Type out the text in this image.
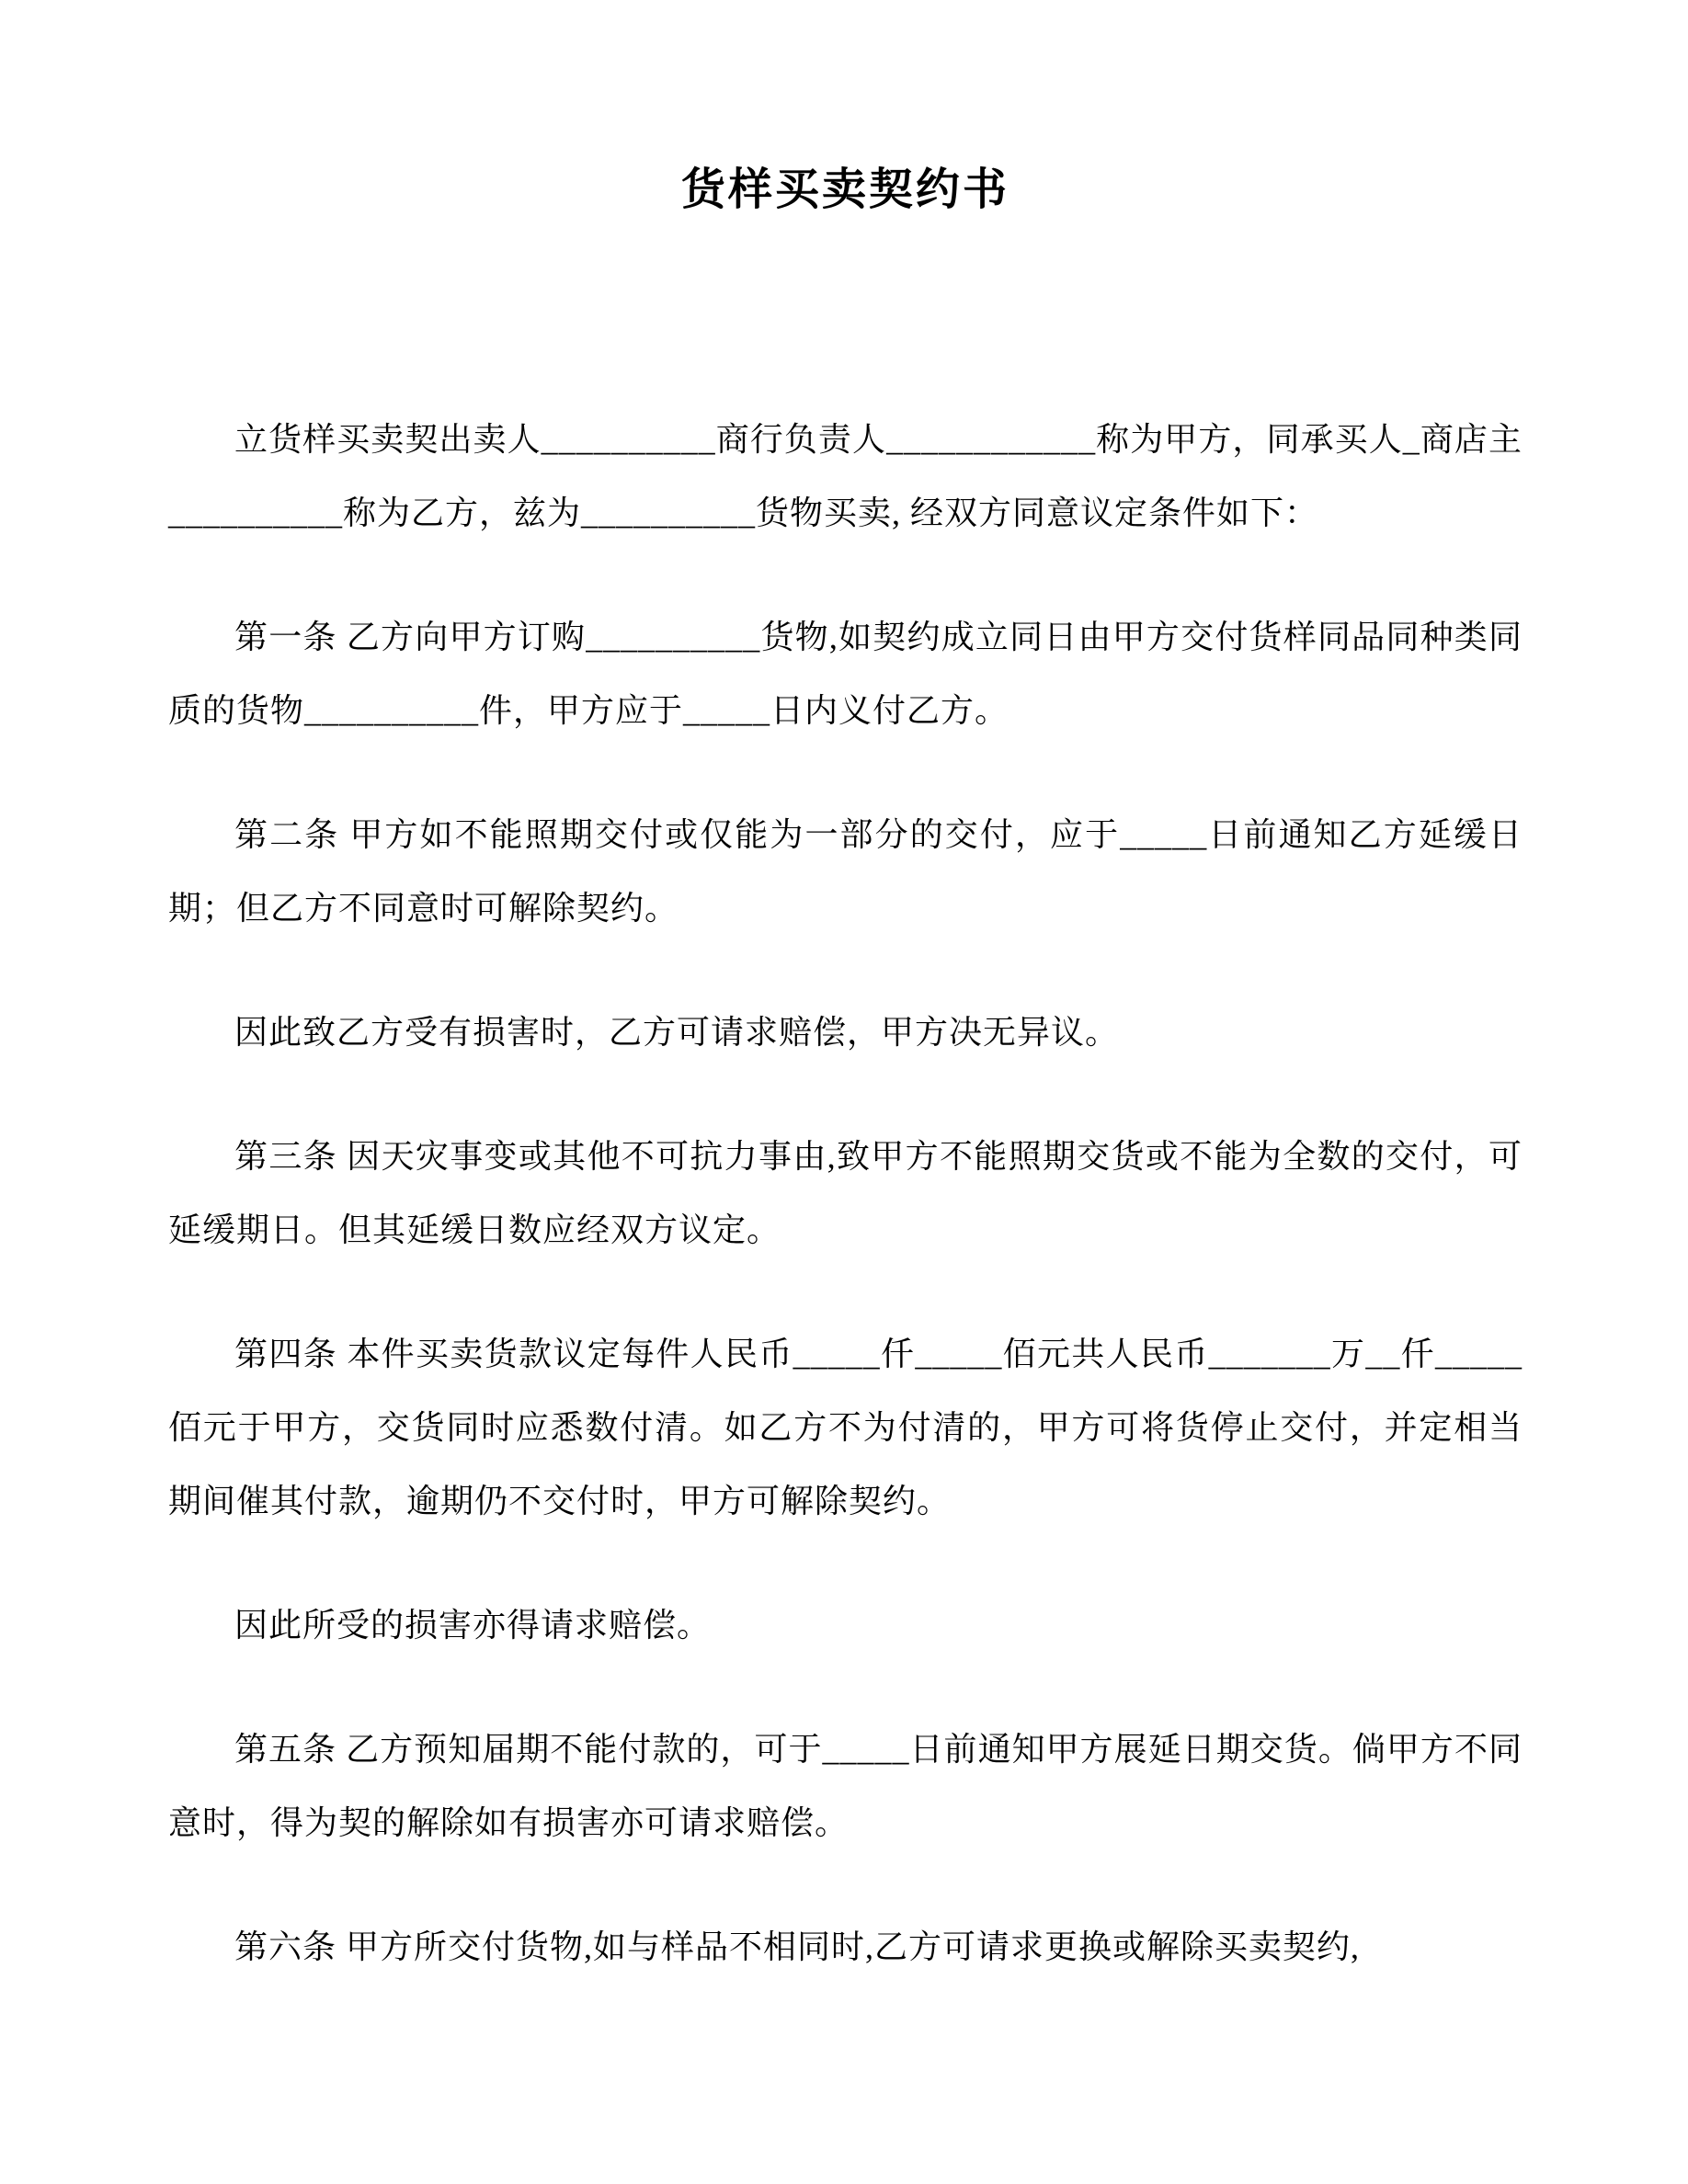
货样买卖契约书

立货样买卖契出卖人__________商行负责人____________称为甲方，同承买人_商店主__________称为乙方，兹为__________货物买卖, 经双方同意议定条件如下：

第一条 乙方向甲方订购__________货物,如契约成立同日由甲方交付货样同品同种类同质的货物__________件，甲方应于_____日内义付乙方。

第二条 甲方如不能照期交付或仅能为一部分的交付，应于_____日前通知乙方延缓日期；但乙方不同意时可解除契约。

因此致乙方受有损害时，乙方可请求赔偿，甲方决无异议。

第三条 因天灾事变或其他不可抗力事由,致甲方不能照期交货或不能为全数的交付，可延缓期日。但其延缓日数应经双方议定。

第四条 本件买卖货款议定每件人民币_____仟_____佰元共人民币_______万__仟_____佰元于甲方，交货同时应悉数付清。如乙方不为付清的，甲方可将货停止交付，并定相当期间催其付款，逾期仍不交付时，甲方可解除契约。

因此所受的损害亦得请求赔偿。

第五条 乙方预知届期不能付款的，可于_____日前通知甲方展延日期交货。倘甲方不同意时，得为契的解除如有损害亦可请求赔偿。

第六条 甲方所交付货物,如与样品不相同时,乙方可请求更换或解除买卖契约,
